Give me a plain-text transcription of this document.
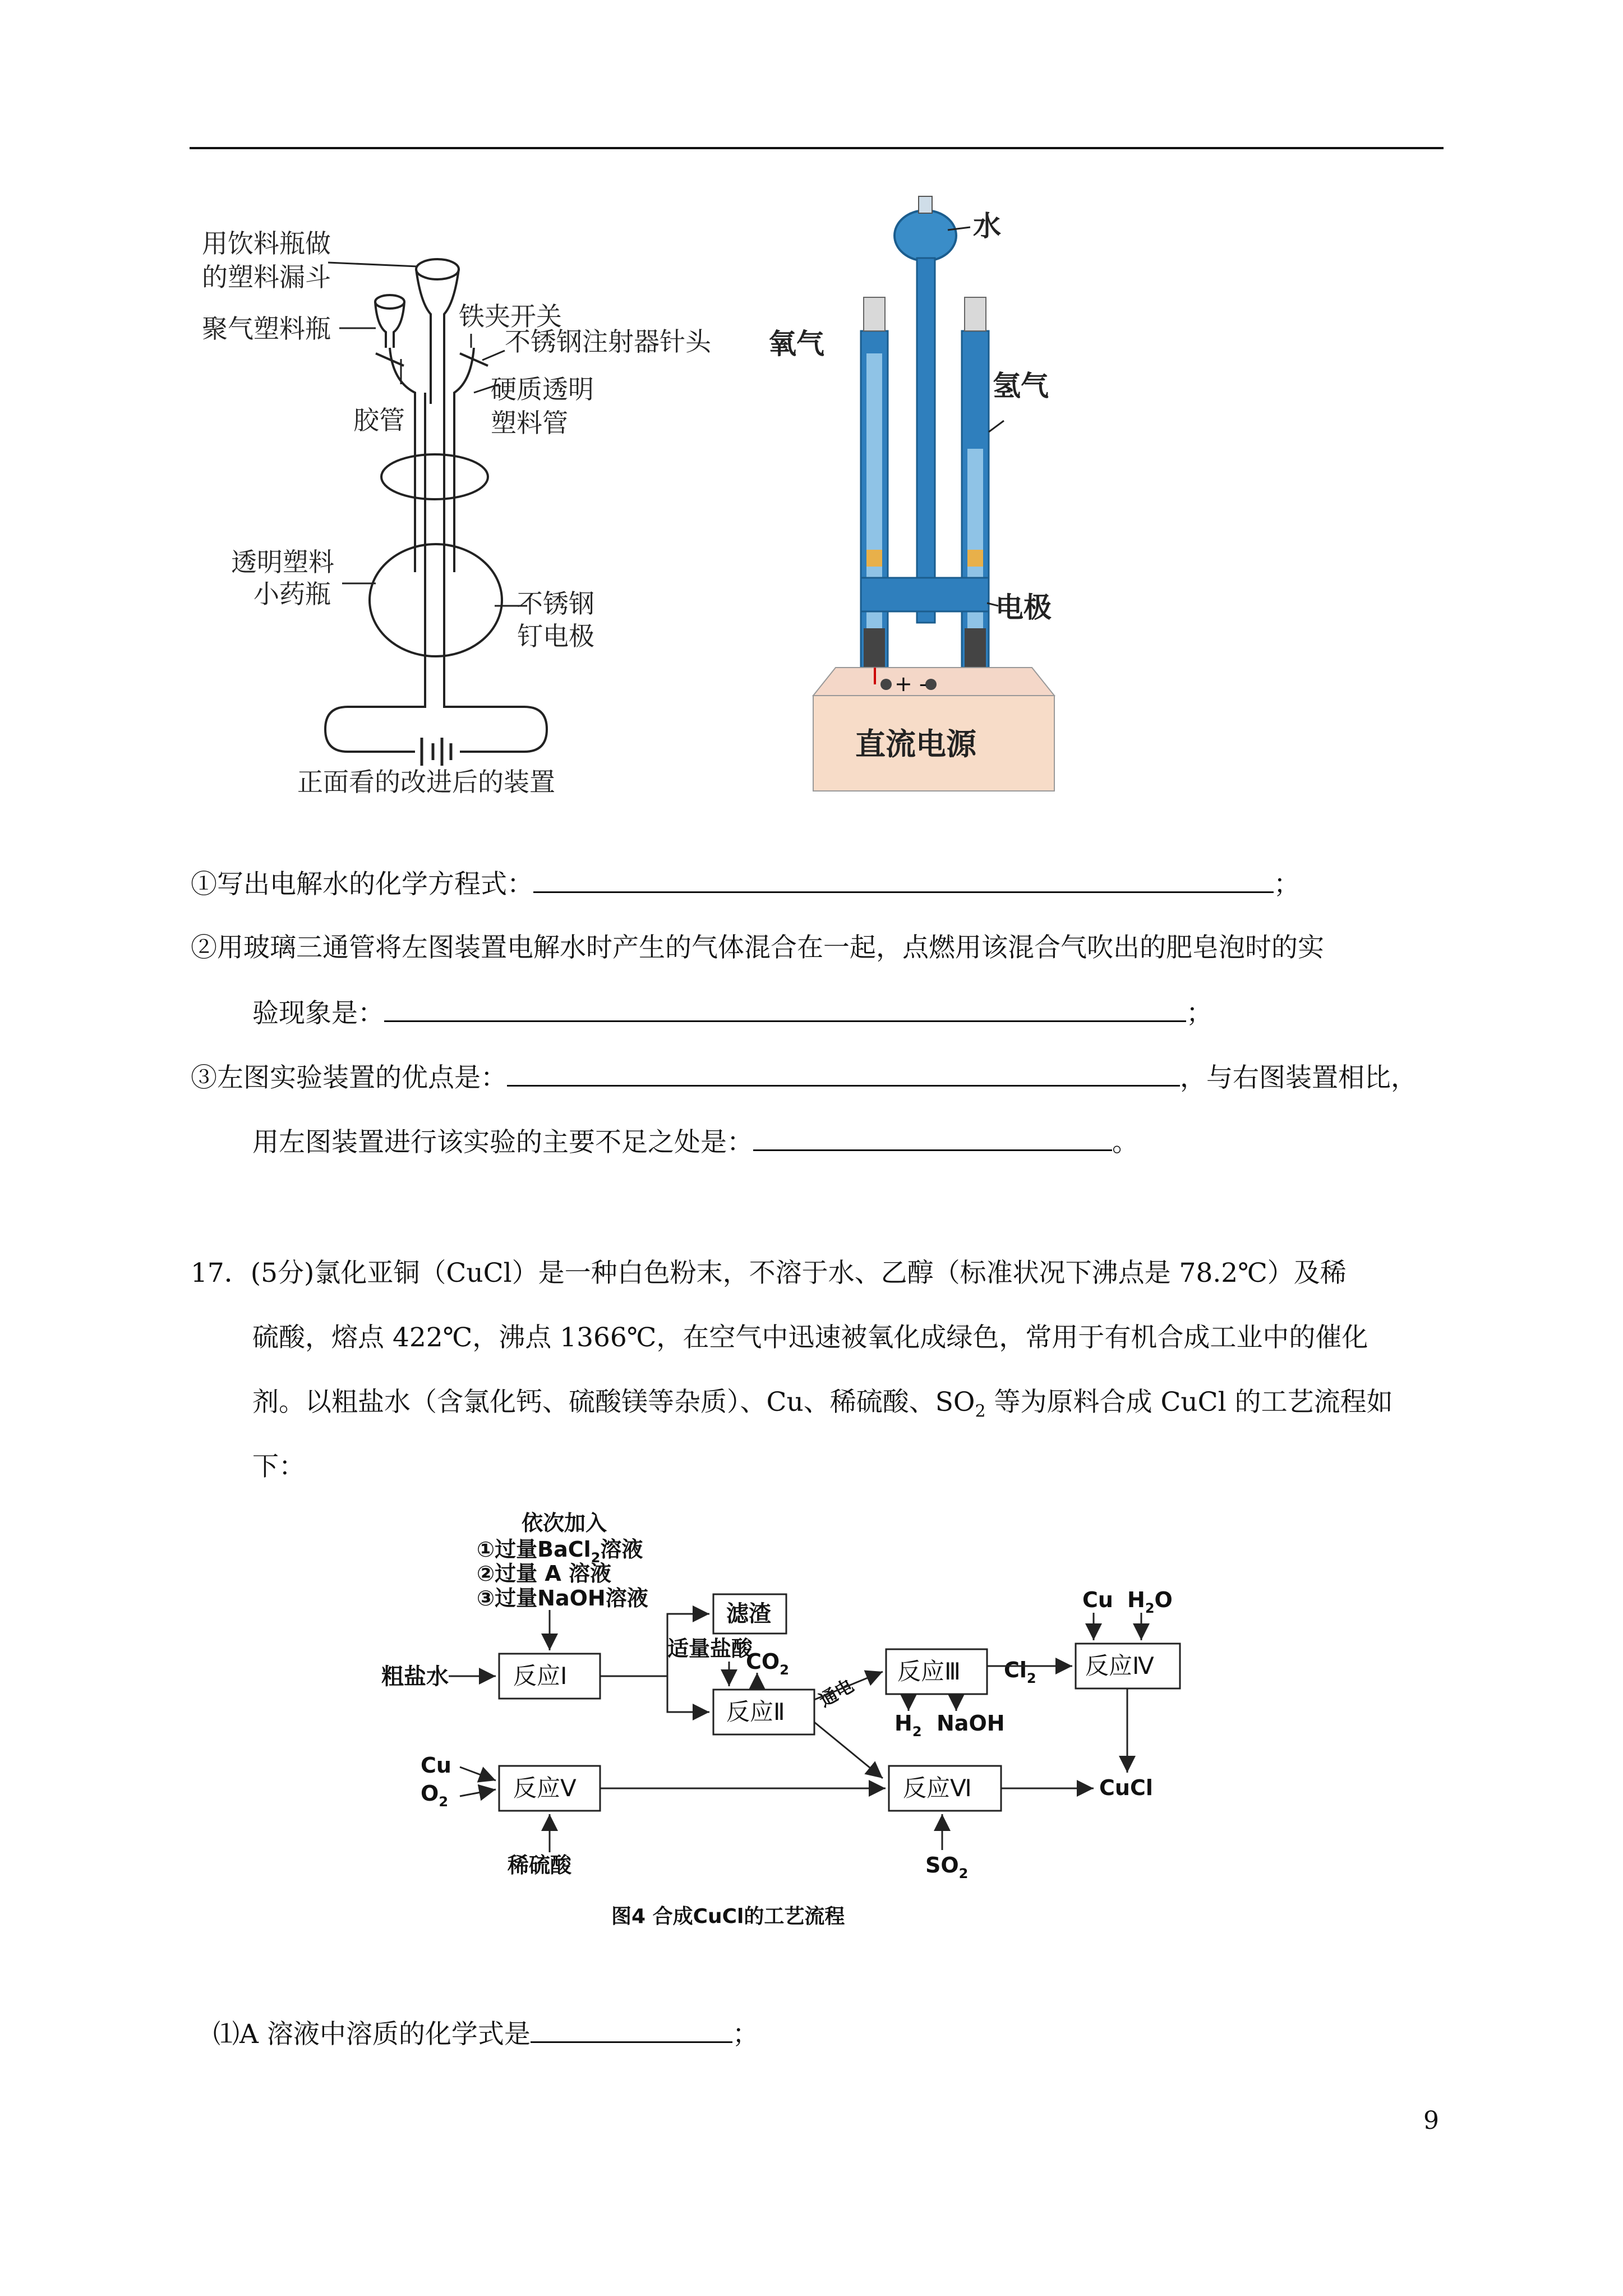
用饮料瓶做
的塑料漏斗
聚气塑料瓶	铁夹开关
不锈钢注射器针头
胶管
硬质透明
塑料管
透明塑料
小药瓶	不锈钢
钉电极
正面看的改进后的装置
+ -
直流电源
水
氧气
氢气
电极
①写出电解水的化学方程式：	；
②用玻璃三通管将左图装置电解水时产生的气体混合在一起，点燃用该混合气吹出的肥皂泡时的实
验现象是：	；
③左图实验装置的优点是：	，与右图装置相比，
用左图装置进行该实验的主要不足之处是：	。
17．(5分)氯化亚铜（CuCl）是一种白色粉末，不溶于水、乙醇（标准状况下沸点是 78.2℃）及稀
硫酸，熔点 422℃，沸点 1366℃，在空气中迅速被氧化成绿色，常用于有机合成工业中的催化
剂。以粗盐水（含氯化钙、硫酸镁等杂质）、Cu、稀硫酸、$SO_2$ 等为原料合成 CuCl 的工艺流程如
下：
依次加入
①过量BaCl$_2$溶液
②过量 A 溶液
③过量NaOH溶液
粗盐水	反应Ⅰ
滤渣
适量盐酸
$CO_2$
反应Ⅱ
通电
反应Ⅲ
$H_2$ NaOH
$Cl_2$
Cu $H_2O$
反应Ⅳ
CuCl
Cu
$O_2$	反应Ⅴ
稀硫酸
反应Ⅵ
$SO_2$
图4 合成CuCl的工艺流程
⑴A 溶液中溶质的化学式是	；
9
